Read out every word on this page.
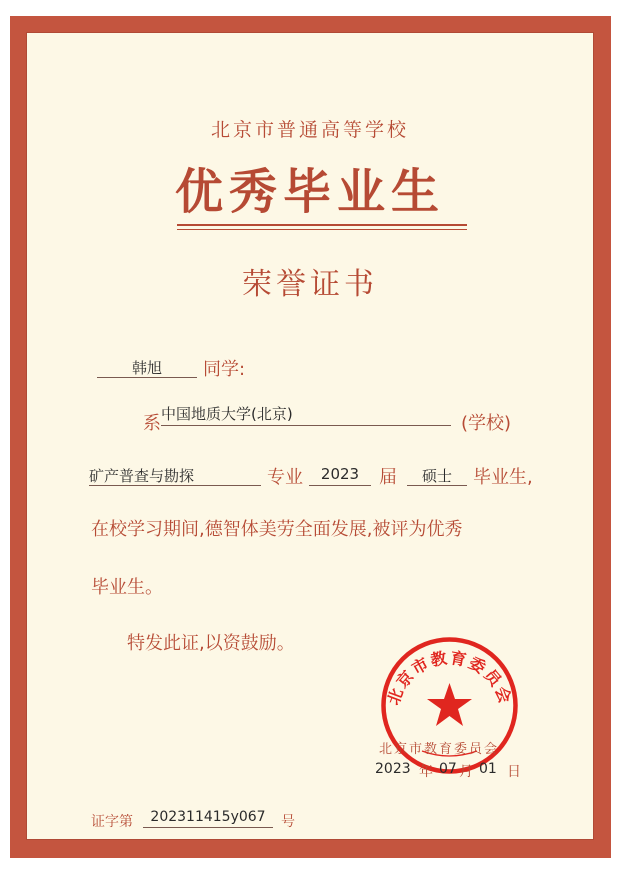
北京市普通高等学校
优秀毕业生
荣誉证书
韩旭	同学:
系 中国地质大学(北京)	(学校)
矿产普查与勘探	专业	2023	届	硕士	毕业生,
在校学习期间,德智体美劳全面发展,被评为优秀
毕业生。
特发此证,以资鼓励。
北京市教育委员会
北京市教育委员会
2023 年 07 月 01 日
证字第	202311415y067	号
